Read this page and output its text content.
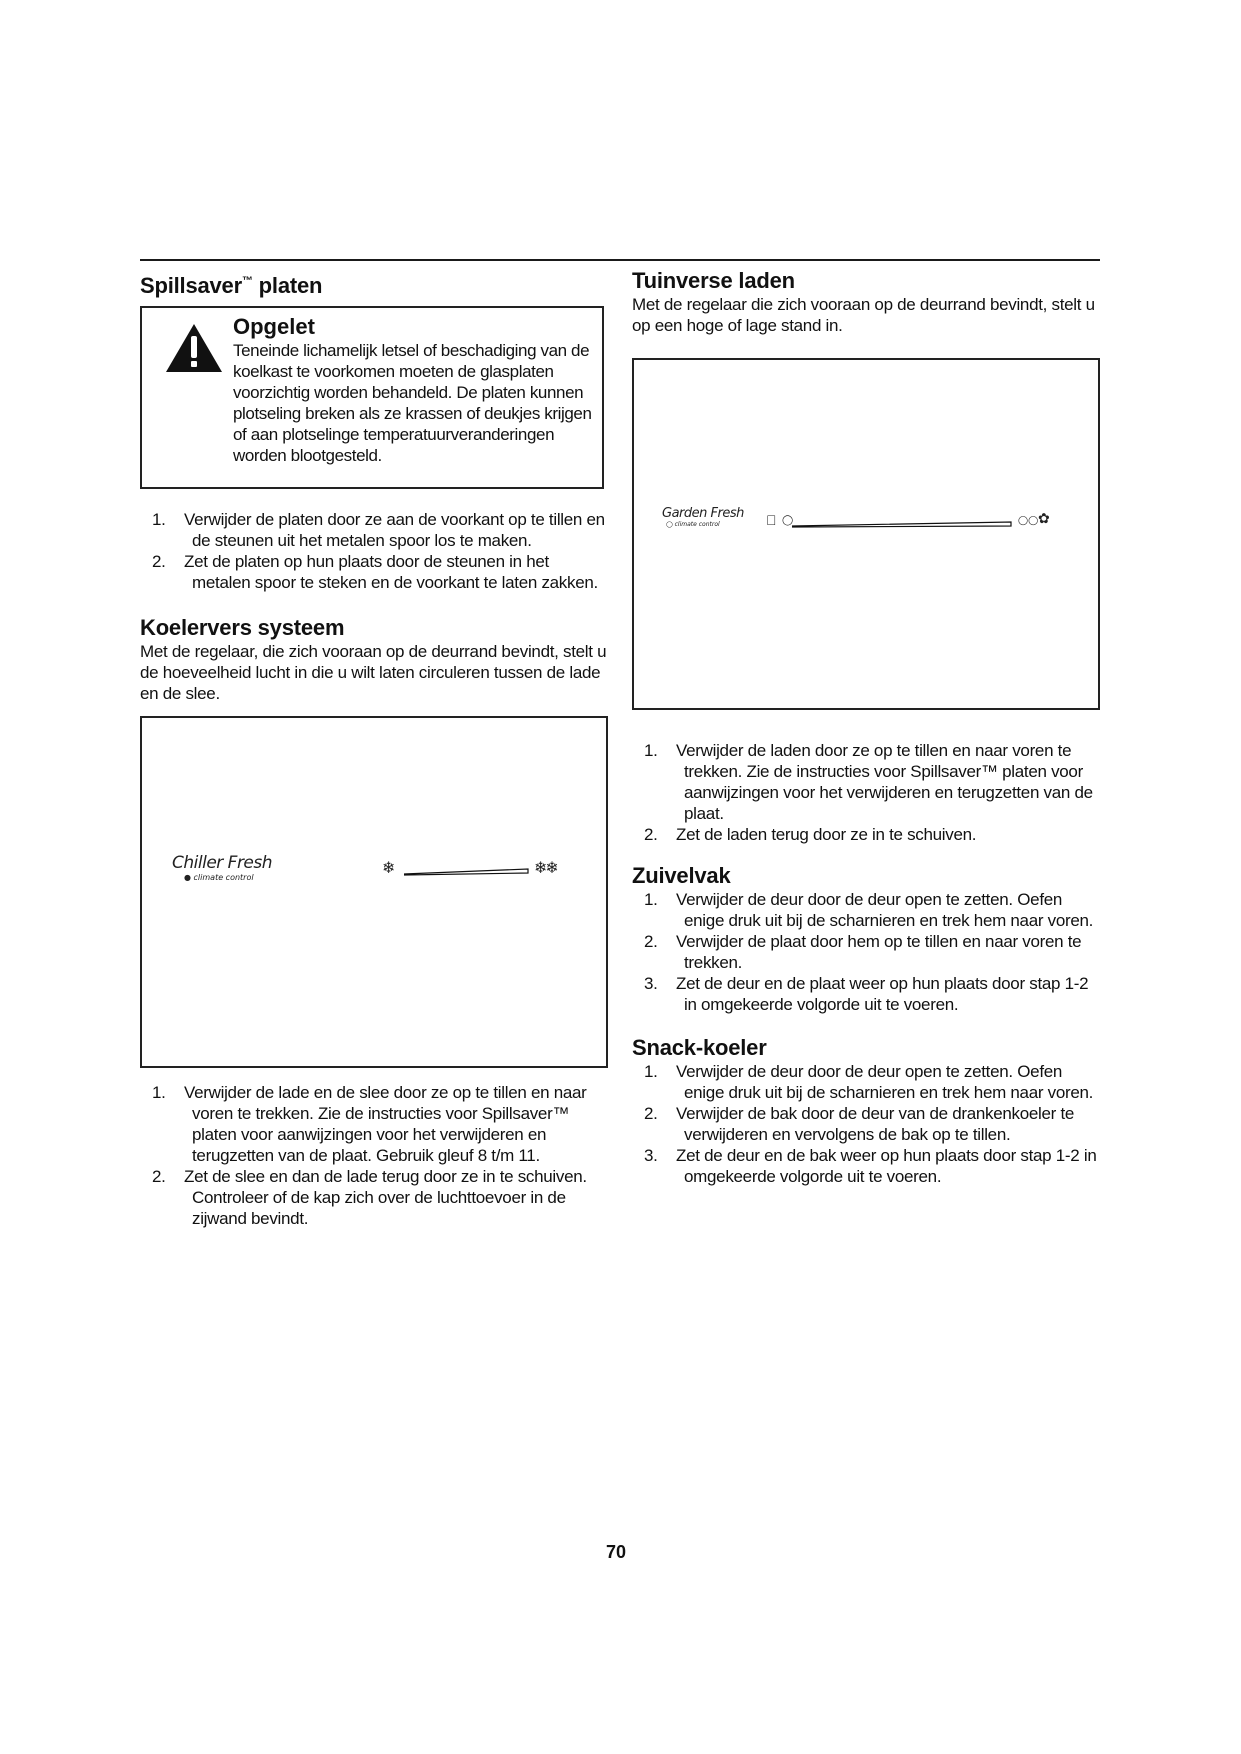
Spillsaver™ platen
Opgelet

Teneinde lichamelijk letsel of beschadiging van de koelkast te voorkomen moeten de glasplaten voorzichtig worden behandeld. De platen kunnen plotseling breken als ze krassen of deukjes krijgen of aan plotselinge temperatuurveranderingen worden blootgesteld.

1. Verwijder de platen door ze aan de voorkant op te tillen en de steunen uit het metalen spoor los te maken.
2. Zet de platen op hun plaats door de steunen in het metalen spoor te steken en de voorkant te laten zakken.
Koelervers systeem

Met de regelaar, die zich vooraan op de deurrand bevindt, stelt u de hoeveelheid lucht in die u wilt laten circuleren tussen de lade en de slee.

Chiller Fresh
● climate control
❄	❄❄
1. Verwijder de lade en de slee door ze op te tillen en naar voren te trekken. Zie de instructies voor Spillsaver™ platen voor aanwijzingen voor het verwijderen en terugzetten van de plaat. Gebruik gleuf 8 t/m 11.
2. Zet de slee en dan de lade terug door ze in te schuiven. Controleer of de kap zich over de luchttoevoer in de zijwand bevindt.
Tuinverse laden

Met de regelaar die zich vooraan op de deurrand bevindt, stelt u op een hoge of lage stand in.

Garden Fresh
◯ climate control	◯	◯◯ ✿
1. Verwijder de laden door ze op te tillen en naar voren te trekken. Zie de instructies voor Spillsaver™ platen voor aanwijzingen voor het verwijderen en terugzetten van de plaat.
2. Zet de laden terug door ze in te schuiven.
Zuivelvak
1. Verwijder de deur door de deur open te zetten. Oefen enige druk uit bij de scharnieren en trek hem naar voren.
2. Verwijder de plaat door hem op te tillen en naar voren te trekken.
3. Zet de deur en de plaat weer op hun plaats door stap 1-2 in omgekeerde volgorde uit te voeren.
Snack-koeler
1. Verwijder de deur door de deur open te zetten. Oefen enige druk uit bij de scharnieren en trek hem naar voren.
2. Verwijder de bak door de deur van de drankenkoeler te verwijderen en vervolgens de bak op te tillen.
3. Zet de deur en de bak weer op hun plaats door stap 1-2 in omgekeerde volgorde uit te voeren.
70
